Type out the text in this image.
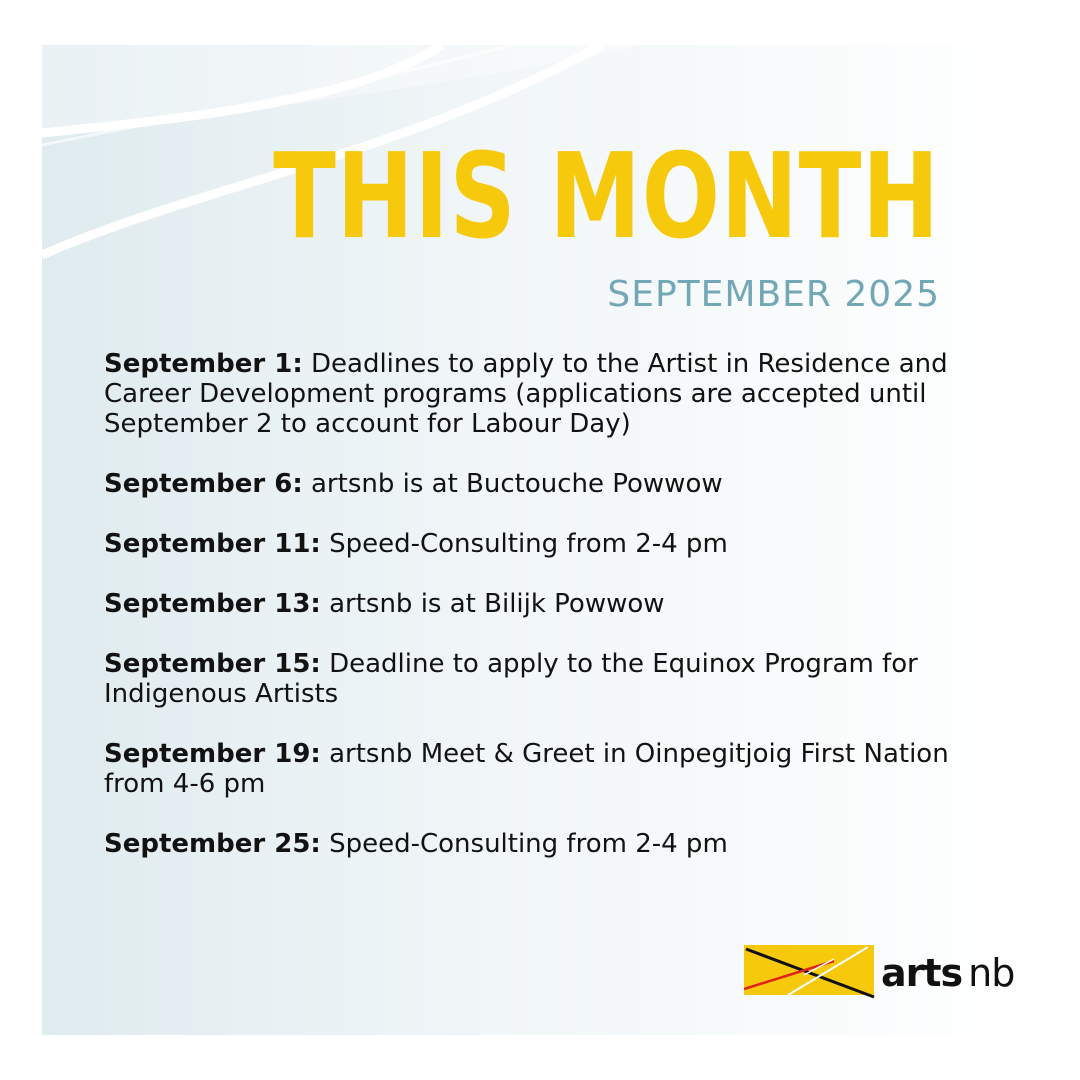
THIS MONTH
SEPTEMBER 2025
September 1: Deadlines to apply to the Artist in Residence and Career Development programs (applications are accepted until September 2 to account for Labour Day)
September 6: artsnb is at Buctouche Powwow
September 11: Speed-Consulting from 2-4 pm
September 13: artsnb is at Bilijk Powwow
September 15: Deadline to apply to the Equinox Program for Indigenous Artists
September 19: artsnb Meet & Greet in Oinpegitjoig First Nation from 4-6 pm
September 25: Speed-Consulting from 2-4 pm
arts nb
